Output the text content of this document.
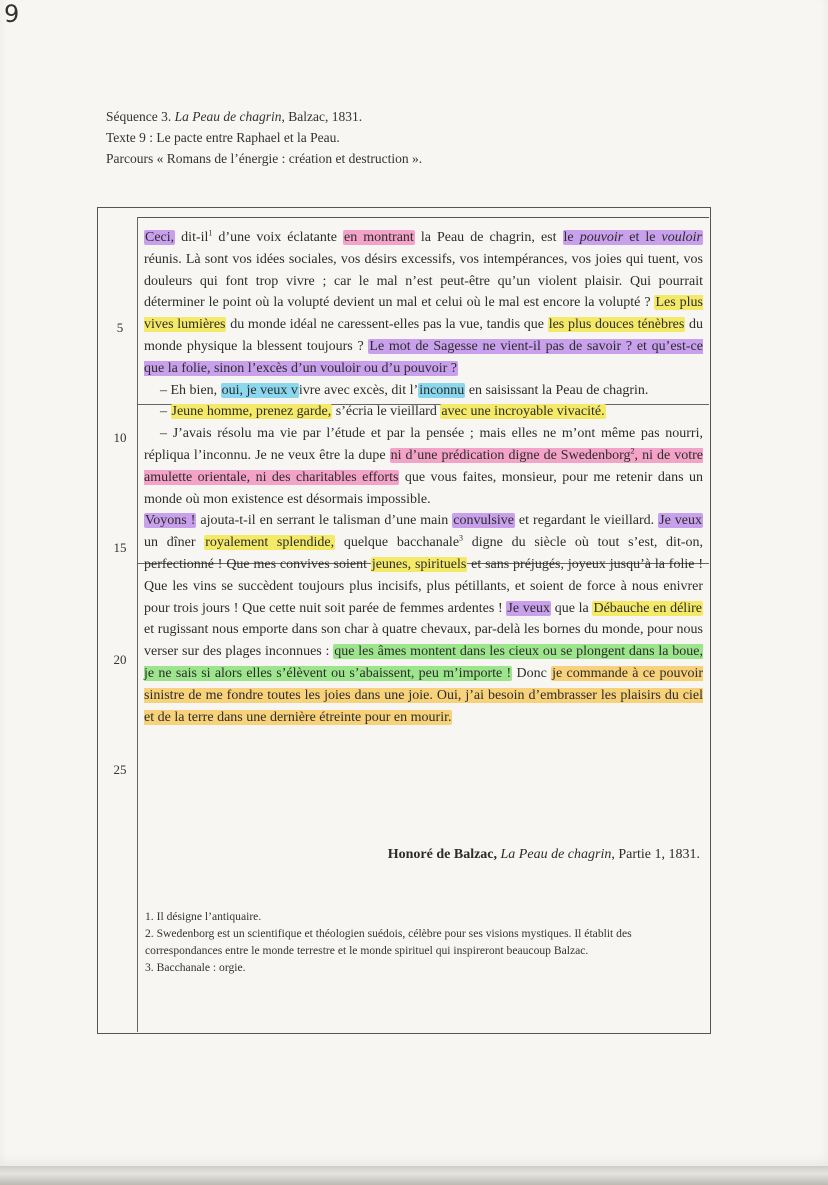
9
Séquence 3. La Peau de chagrin, Balzac, 1831.
Texte 9 : Le pacte entre Raphael et la Peau.
Parcours « Romans de l’énergie : création et destruction ».
5
10
15
20
25

Ceci, dit-$il^1$ d’une voix éclatante en montrant la Peau de chagrin, est le pouvoir et le vouloir réunis. Là sont vos idées sociales, vos désirs excessifs, vos intempérances, vos joies qui tuent, vos douleurs qui font trop vivre ; car le mal n’est peut-être qu’un violent plaisir. Qui pourrait déterminer le point où la volupté devient un mal et celui où le mal est encore la volupté ? Les plus vives lumières du monde idéal ne caressent-elles pas la vue, tandis que les plus douces ténèbres du monde physique la blessent toujours ? Le mot de Sagesse ne vient-il pas de savoir ? et qu’est-ce que la folie, sinon l’excès d’un vouloir ou d’u pouvoir ?

– Eh bien, oui, je veux vivre avec excès, dit l’inconnu en saisissant la Peau de chagrin.

– Jeune homme, prenez garde, s’écria le vieillard avec une incroyable vivacité.

– J’avais résolu ma vie par l’étude et par la pensée ; mais elles ne m’ont même pas nourri, répliqua l’inconnu. Je ne veux être la dupe ni d’une prédication digne de Swedenborg$^2$, ni de votre amulette orientale, ni des charitables efforts que vous faites, monsieur, pour me retenir dans un monde où mon existence est désormais impossible.

Voyons ! ajouta-t-il en serrant le talisman d’une main convulsive et regardant le vieillard. Je veux un dîner royalement splendide, quelque bacchanale$^3$ digne du siècle où tout s’est, dit-on, perfectionné ! Que mes convives soient jeunes, spirituels et sans préjugés, joyeux jusqu’à la folie ! Que les vins se succèdent toujours plus incisifs, plus pétillants, et soient de force à nous enivrer pour trois jours ! Que cette nuit soit parée de femmes ardentes ! Je veux que la Débauche en délire et rugissant nous emporte dans son char à quatre chevaux, par-delà les bornes du monde, pour nous verser sur des plages inconnues : que les âmes montent dans les cieux ou se plongent dans la boue, je ne sais si alors elles s’élèvent ou s’abaissent, peu m’importe ! Donc je commande à ce pouvoir sinistre de me fondre toutes les joies dans une joie. Oui, j’ai besoin d’embrasser les plaisirs du ciel et de la terre dans une dernière étreinte pour en mourir.

Honoré de Balzac, La Peau de chagrin, Partie 1, 1831.
1. Il désigne l’antiquaire.
2. Swedenborg est un scientifique et théologien suédois, célèbre pour ses visions mystiques. Il établit des correspondances entre le monde terrestre et le monde spirituel qui inspireront beaucoup Balzac.
3. Bacchanale : orgie.
